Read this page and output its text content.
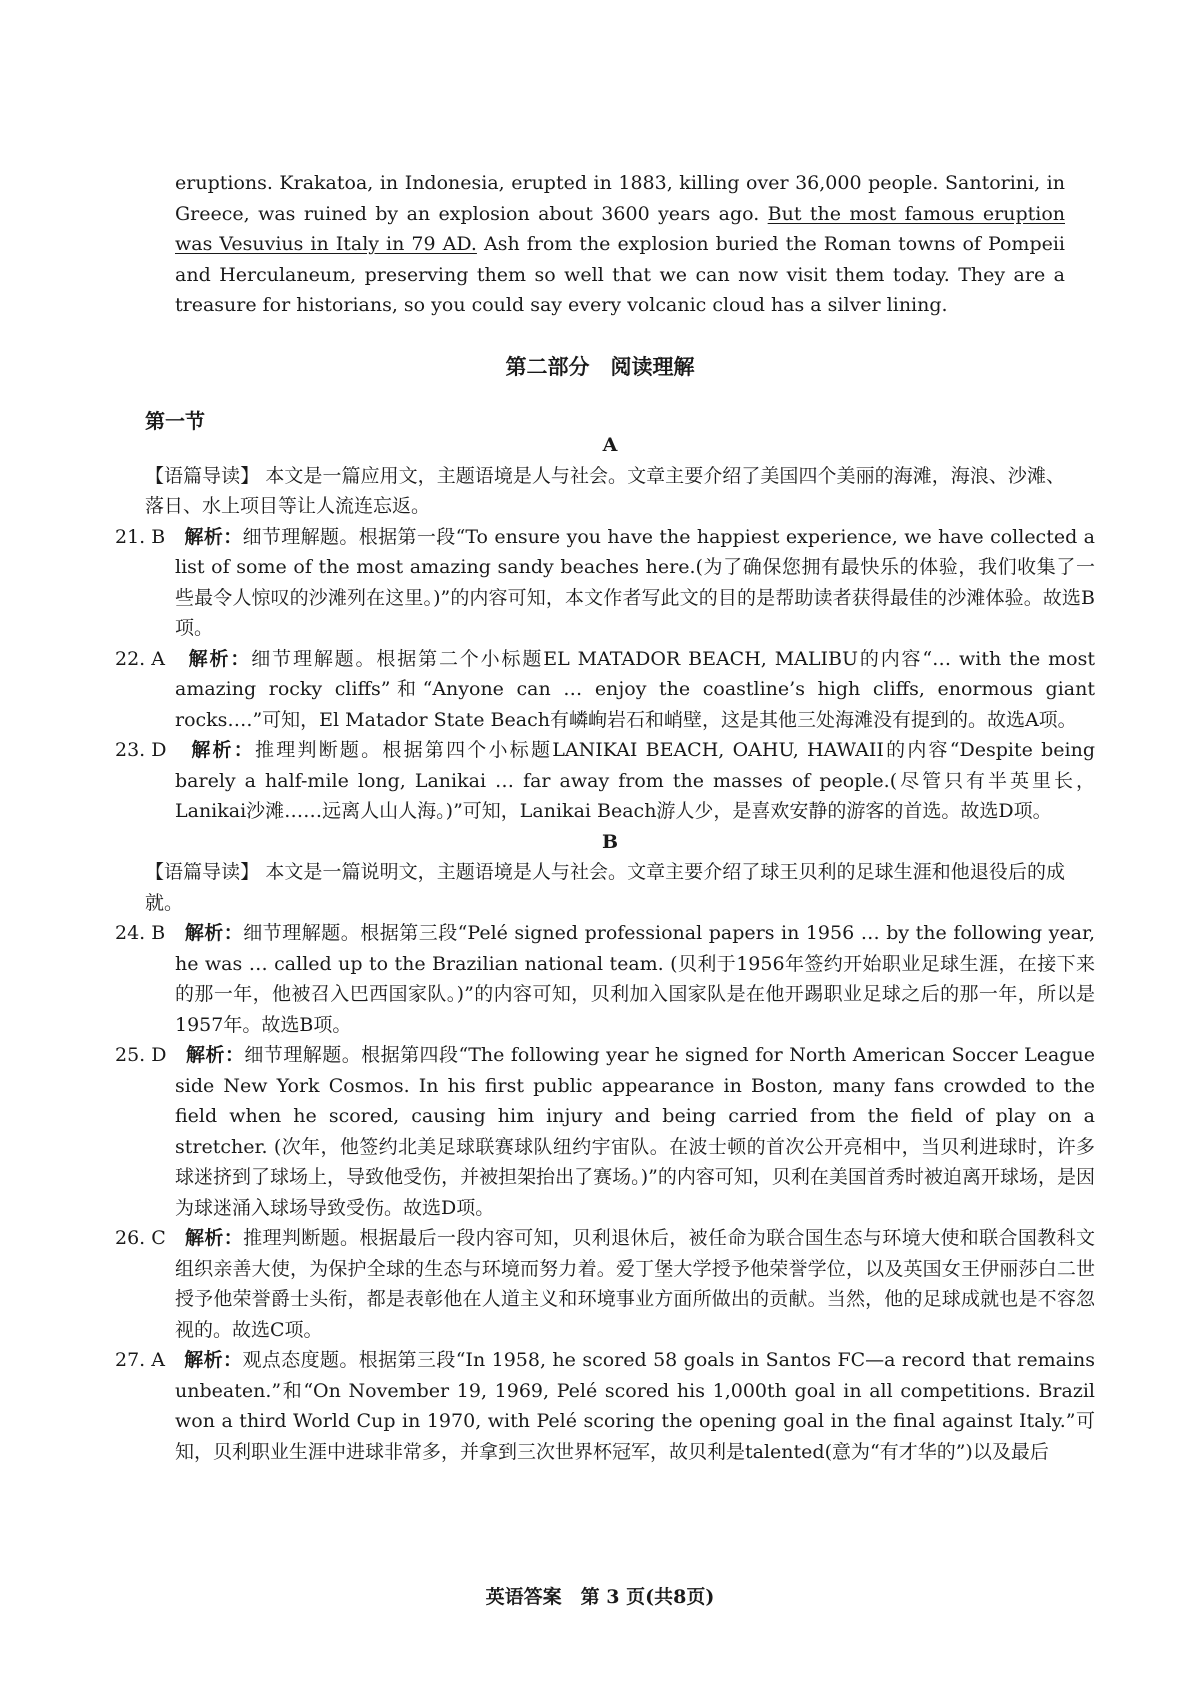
eruptions. Krakatoa, in Indonesia, erupted in 1883, killing over 36,000 people. Santorini, in Greece, was ruined by an explosion about 3600 years ago. But the most famous eruption was Vesuvius in Italy in 79 AD. Ash from the explosion buried the Roman towns of Pompeii and Herculaneum, preserving them so well that we can now visit them today. They are a treasure for historians, so you could say every volcanic cloud has a silver lining.
第二部分　阅读理解
第一节
A
【语篇导读】 本文是一篇应用文，主题语境是人与社会。文章主要介绍了美国四个美丽的海滩，海浪、沙滩、落日、水上项目等让人流连忘返。
21. B 解析：细节理解题。根据第一段“To ensure you have the happiest experience, we have collected a list of some of the most amazing sandy beaches here.(为了确保您拥有最快乐的体验，我们收集了一些最令人惊叹的沙滩列在这里。)”的内容可知，本文作者写此文的目的是帮助读者获得最佳的沙滩体验。故选B项。
22. A 解析：细节理解题。根据第二个小标题EL MATADOR BEACH, MALIBU的内容“… with the most amazing rocky cliffs”和“Anyone can … enjoy the coastline’s high cliffs, enormous giant rocks….”可知，El Matador State Beach有嶙峋岩石和峭壁，这是其他三处海滩没有提到的。故选A项。
23. D 解析：推理判断题。根据第四个小标题LANIKAI BEACH, OAHU, HAWAII的内容“Despite being barely a half-mile long, Lanikai … far away from the masses of people.(尽管只有半英里长，Lanikai沙滩……远离人山人海。)”可知，Lanikai Beach游人少，是喜欢安静的游客的首选。故选D项。
B
【语篇导读】 本文是一篇说明文，主题语境是人与社会。文章主要介绍了球王贝利的足球生涯和他退役后的成就。
24. B 解析：细节理解题。根据第三段“Pelé signed professional papers in 1956 … by the following year, he was … called up to the Brazilian national team. (贝利于1956年签约开始职业足球生涯，在接下来的那一年，他被召入巴西国家队。)”的内容可知，贝利加入国家队是在他开踢职业足球之后的那一年，所以是1957年。故选B项。
25. D 解析：细节理解题。根据第四段“The following year he signed for North American Soccer League side New York Cosmos. In his first public appearance in Boston, many fans crowded to the field when he scored, causing him injury and being carried from the field of play on a stretcher. (次年，他签约北美足球联赛球队纽约宇宙队。在波士顿的首次公开亮相中，当贝利进球时，许多球迷挤到了球场上，导致他受伤，并被担架抬出了赛场。)”的内容可知，贝利在美国首秀时被迫离开球场，是因为球迷涌入球场导致受伤。故选D项。
26. C 解析：推理判断题。根据最后一段内容可知，贝利退休后，被任命为联合国生态与环境大使和联合国教科文组织亲善大使，为保护全球的生态与环境而努力着。爱丁堡大学授予他荣誉学位，以及英国女王伊丽莎白二世授予他荣誉爵士头衔，都是表彰他在人道主义和环境事业方面所做出的贡献。当然，他的足球成就也是不容忽视的。故选C项。
27. A 解析：观点态度题。根据第三段“In 1958, he scored 58 goals in Santos FC—a record that remains unbeaten.”和“On November 19, 1969, Pelé scored his 1,000th goal in all competitions. Brazil won a third World Cup in 1970, with Pelé scoring the opening goal in the final against Italy.”可知，贝利职业生涯中进球非常多，并拿到三次世界杯冠军，故贝利是talented(意为“有才华的”)以及最后
英语答案　第 3 页(共8页)
